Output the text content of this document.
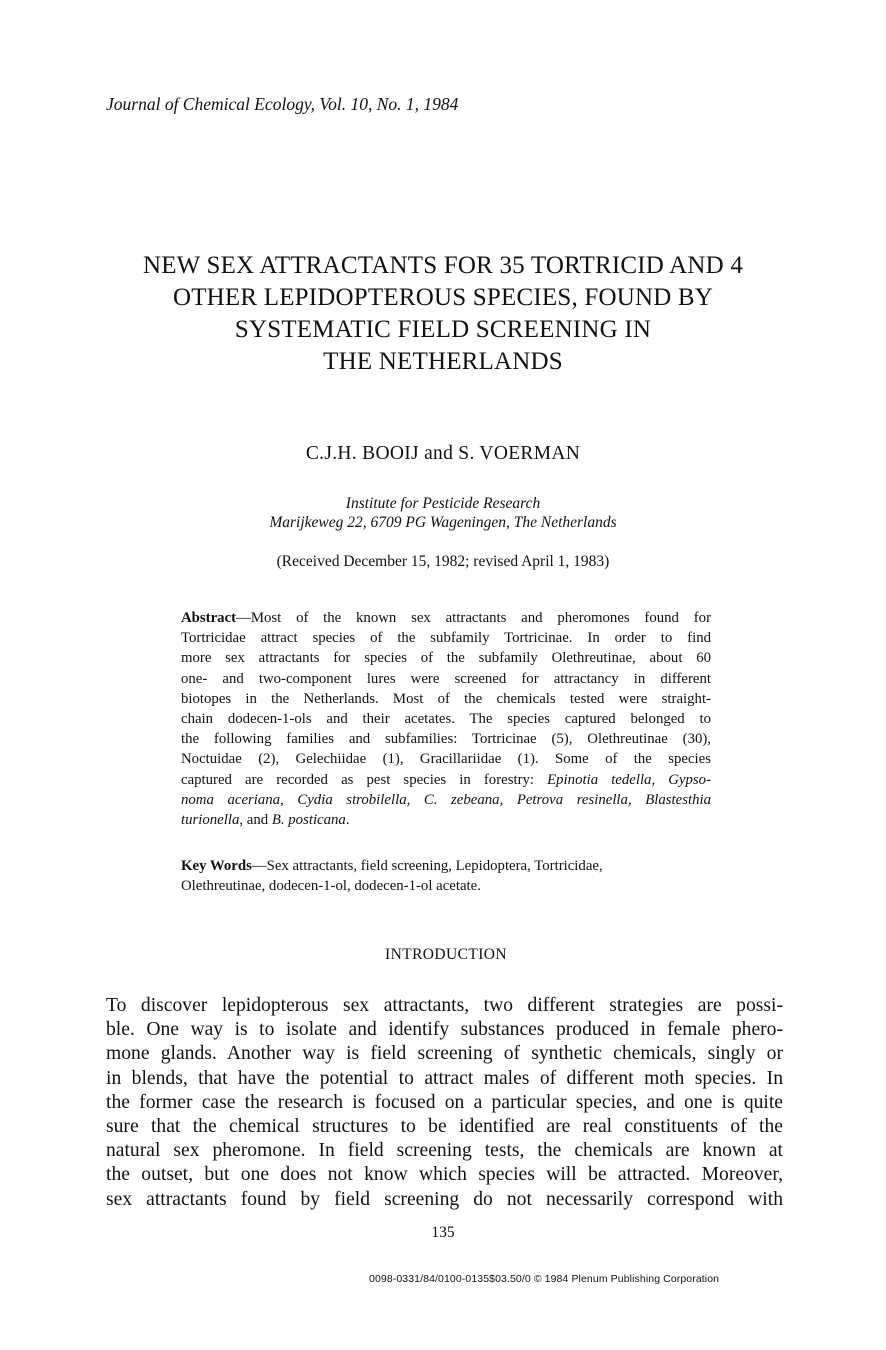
Journal of Chemical Ecology, Vol. 10, No. 1, 1984
NEW SEX ATTRACTANTS FOR 35 TORTRICID AND 4
OTHER LEPIDOPTEROUS SPECIES, FOUND BY
SYSTEMATIC FIELD SCREENING IN
THE NETHERLANDS
C.J.H. BOOIJ and S. VOERMAN
Institute for Pesticide Research
Marijkeweg 22, 6709 PG Wageningen, The Netherlands
(Received December 15, 1982; revised April 1, 1983)
Abstract—Most of the known sex attractants and pheromones found for
Tortricidae attract species of the subfamily Tortricinae. In order to find
more sex attractants for species of the subfamily Olethreutinae, about 60
one- and two-component lures were screened for attractancy in different
biotopes in the Netherlands. Most of the chemicals tested were straight-
chain dodecen-1-ols and their acetates. The species captured belonged to
the following families and subfamilies: Tortricinae (5), Olethreutinae (30),
Noctuidae (2), Gelechiidae (1), Gracillariidae (1). Some of the species
captured are recorded as pest species in forestry: Epinotia tedella, Gypso-
noma aceriana, Cydia strobilella, C. zebeana, Petrova resinella, Blastesthia
turionella, and B. posticana.
Key Words—Sex attractants, field screening, Lepidoptera, Tortricidae,
Olethreutinae, dodecen-1-ol, dodecen-1-ol acetate.
INTRODUCTION
To discover lepidopterous sex attractants, two different strategies are possi-
ble. One way is to isolate and identify substances produced in female phero-
mone glands. Another way is field screening of synthetic chemicals, singly or
in blends, that have the potential to attract males of different moth species. In
the former case the research is focused on a particular species, and one is quite
sure that the chemical structures to be identified are real constituents of the
natural sex pheromone. In field screening tests, the chemicals are known at
the outset, but one does not know which species will be attracted. Moreover,
sex attractants found by field screening do not necessarily correspond with
135
0098-0331/84/0100-0135$03.50/0 © 1984 Plenum Publishing Corporation
